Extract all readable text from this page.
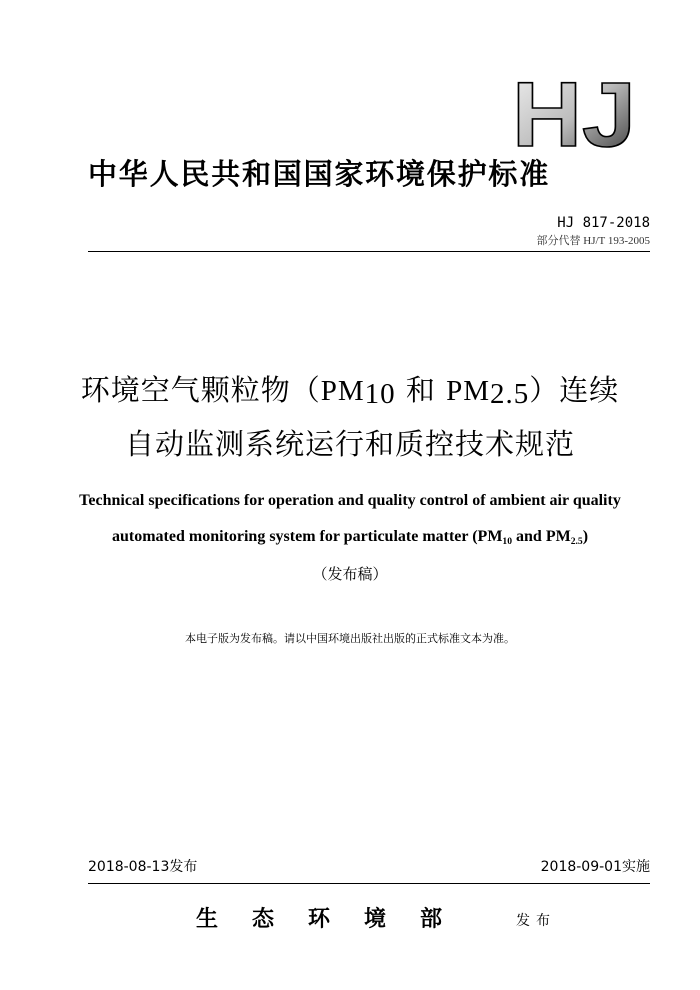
HJ
中华人民共和国国家环境保护标准
HJ 817-2018
部分代替 HJ/T 193-2005
环境空气颗粒物（$PM_{10}$ 和 $PM_{2.5}$）连续
自动监测系统运行和质控技术规范
Technical specifications for operation and quality control of ambient air quality
automated monitoring system for particulate matter ($PM_{10}$ and $PM_{2.5}$)
（发布稿）
本电子版为发布稿。请以中国环境出版社出版的正式标准文本为准。
2018-08-13发布	2018-09-01实施
生态环境部	发布
